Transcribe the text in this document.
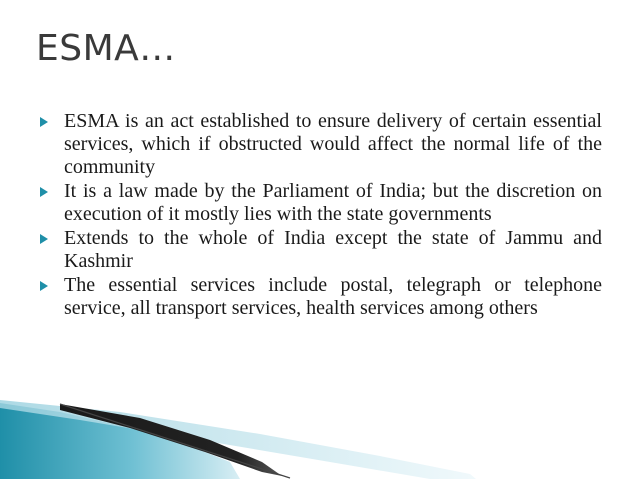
ESMA…
ESMA is an act established to ensure delivery of certain essential services, which if obstructed would affect the normal life of the community
It is a law made by the Parliament of India; but the discretion on execution of it mostly lies with the state governments
Extends to the whole of India except the state of Jammu and Kashmir
The essential services include postal, telegraph or telephone service, all transport services, health services among others
